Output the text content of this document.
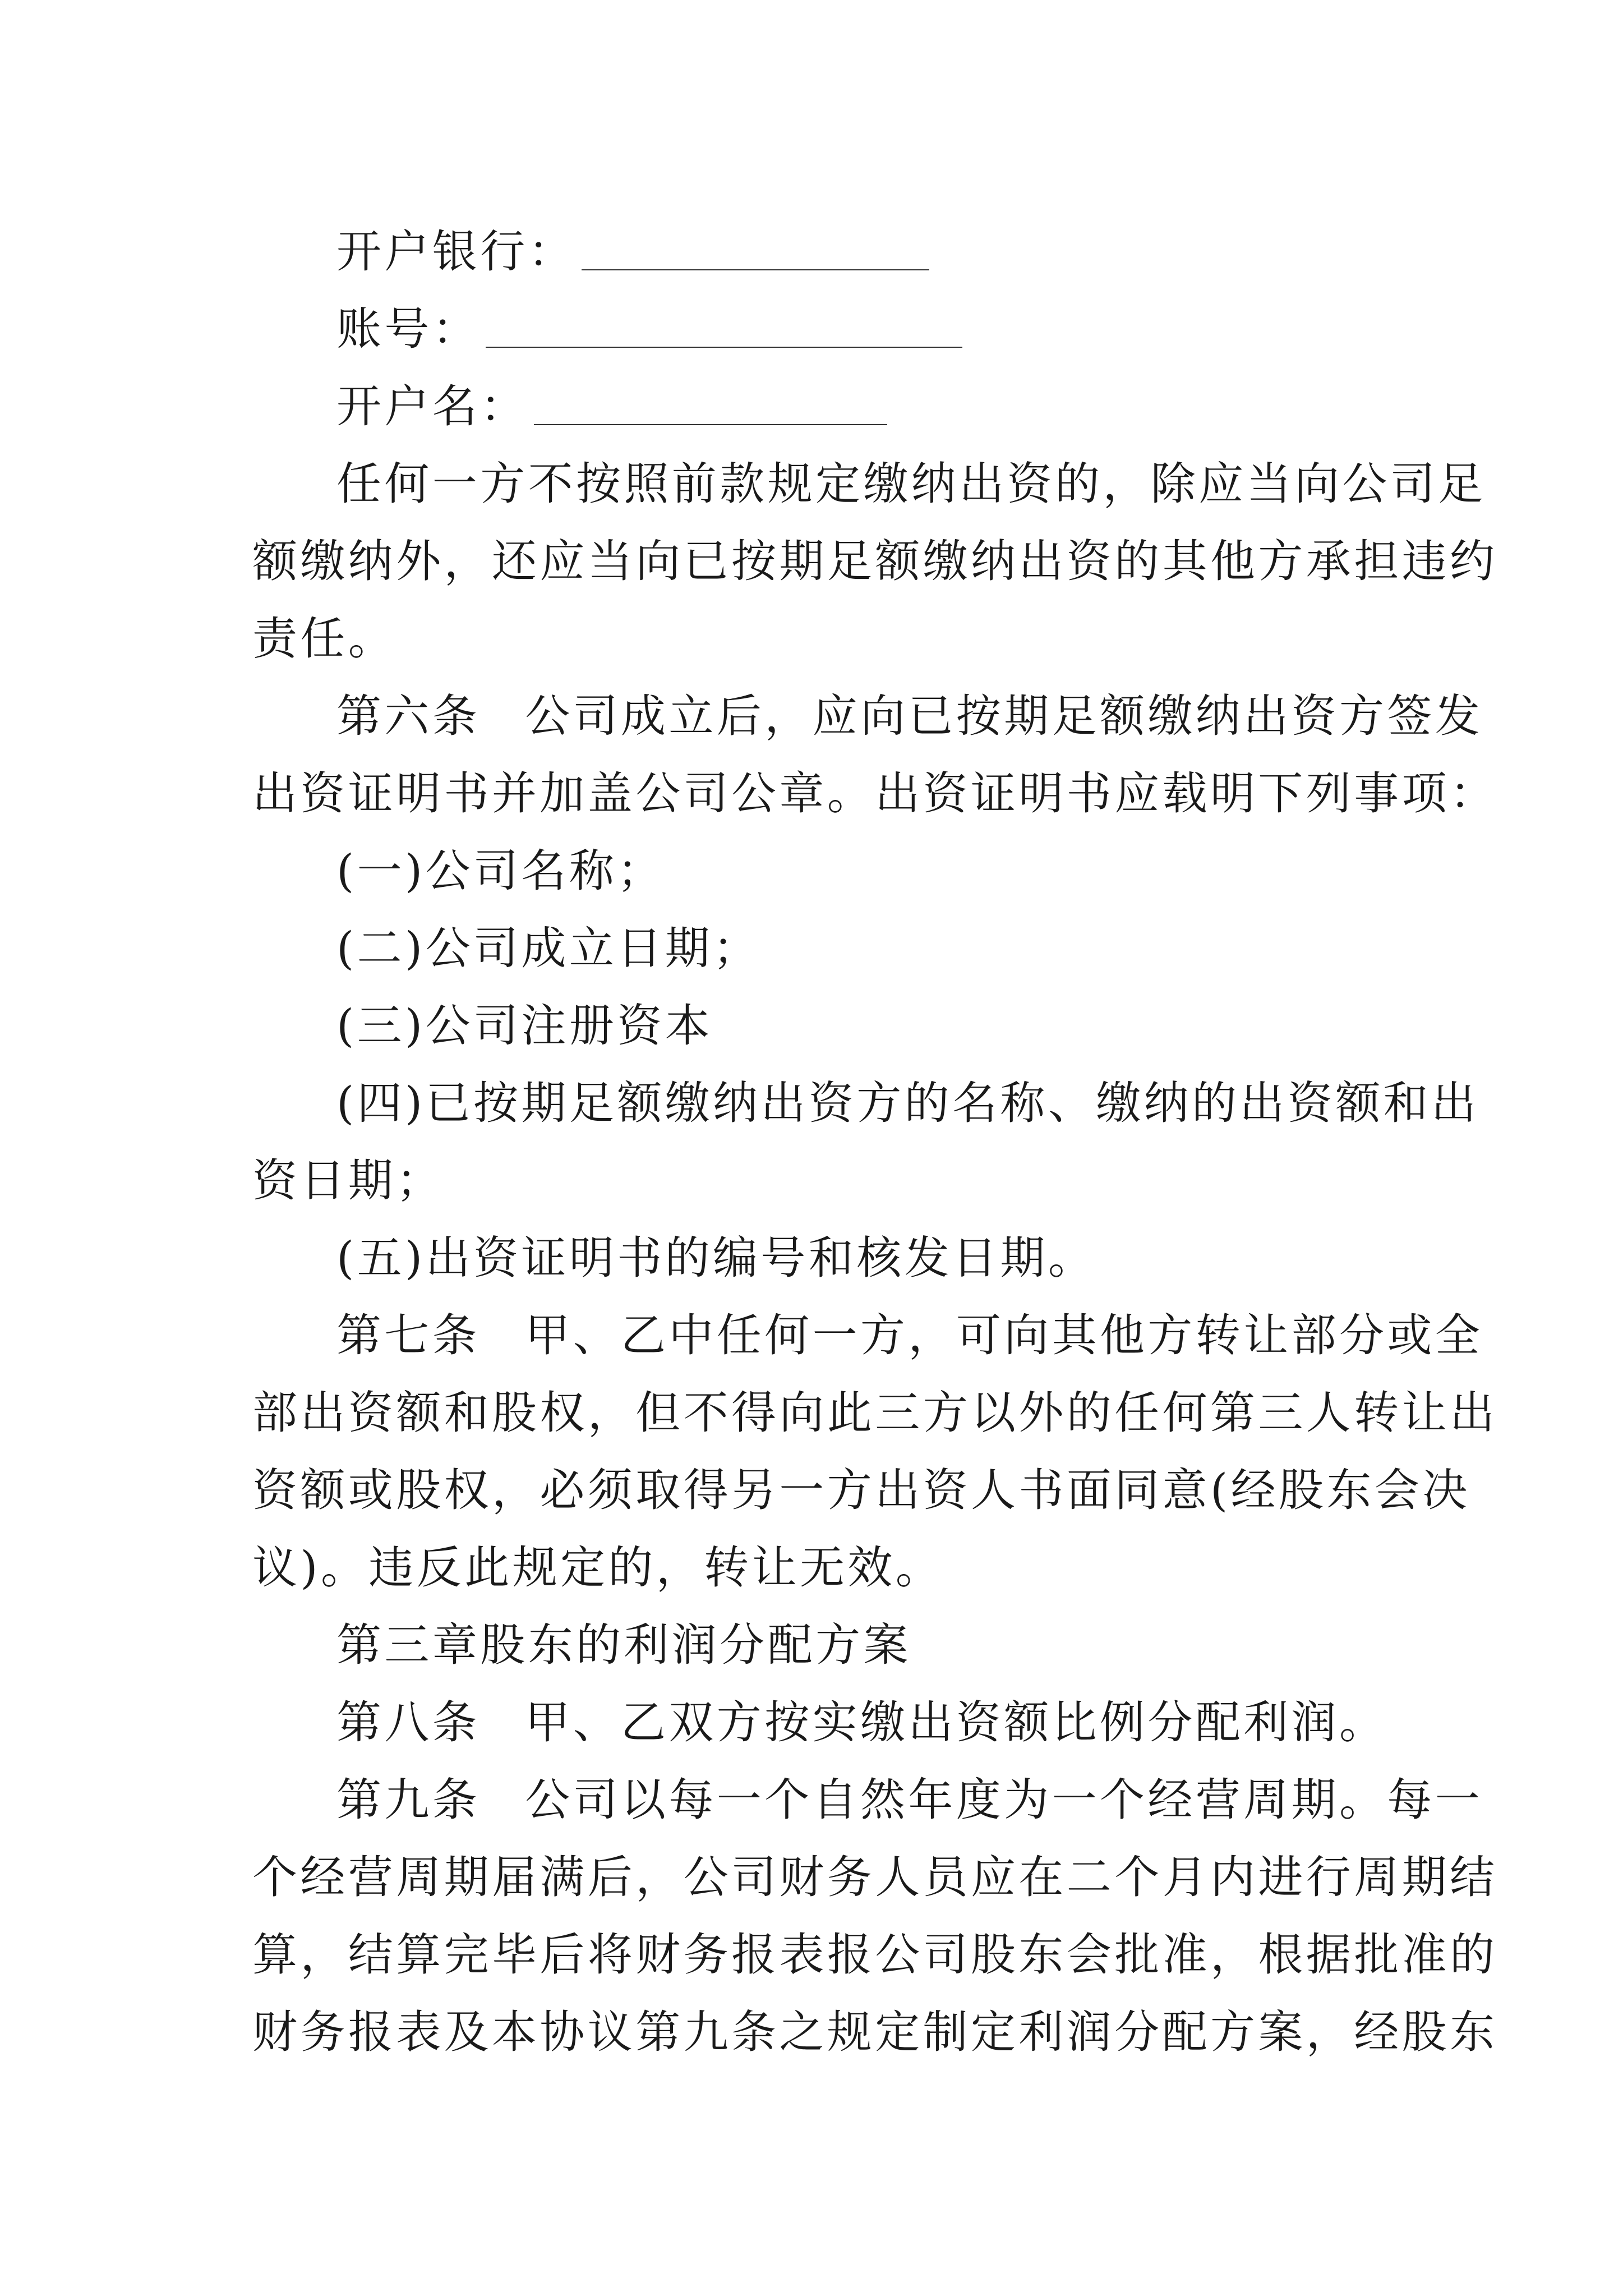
开户银行：
账号：
开户名：
任何一方不按照前款规定缴纳出资的，除应当向公司足
额缴纳外，还应当向已按期足额缴纳出资的其他方承担违约
责任。
第六条 公司成立后，应向已按期足额缴纳出资方签发
出资证明书并加盖公司公章。出资证明书应载明下列事项：
(一)公司名称；
(二)公司成立日期；
(三)公司注册资本
(四)已按期足额缴纳出资方的名称、缴纳的出资额和出
资日期；
(五)出资证明书的编号和核发日期。
第七条 甲、乙中任何一方，可向其他方转让部分或全
部出资额和股权，但不得向此三方以外的任何第三人转让出
资额或股权，必须取得另一方出资人书面同意(经股东会决
议)。违反此规定的，转让无效。
第三章股东的利润分配方案
第八条 甲、乙双方按实缴出资额比例分配利润。
第九条 公司以每一个自然年度为一个经营周期。每一
个经营周期届满后，公司财务人员应在二个月内进行周期结
算，结算完毕后将财务报表报公司股东会批准，根据批准的
财务报表及本协议第九条之规定制定利润分配方案，经股东
